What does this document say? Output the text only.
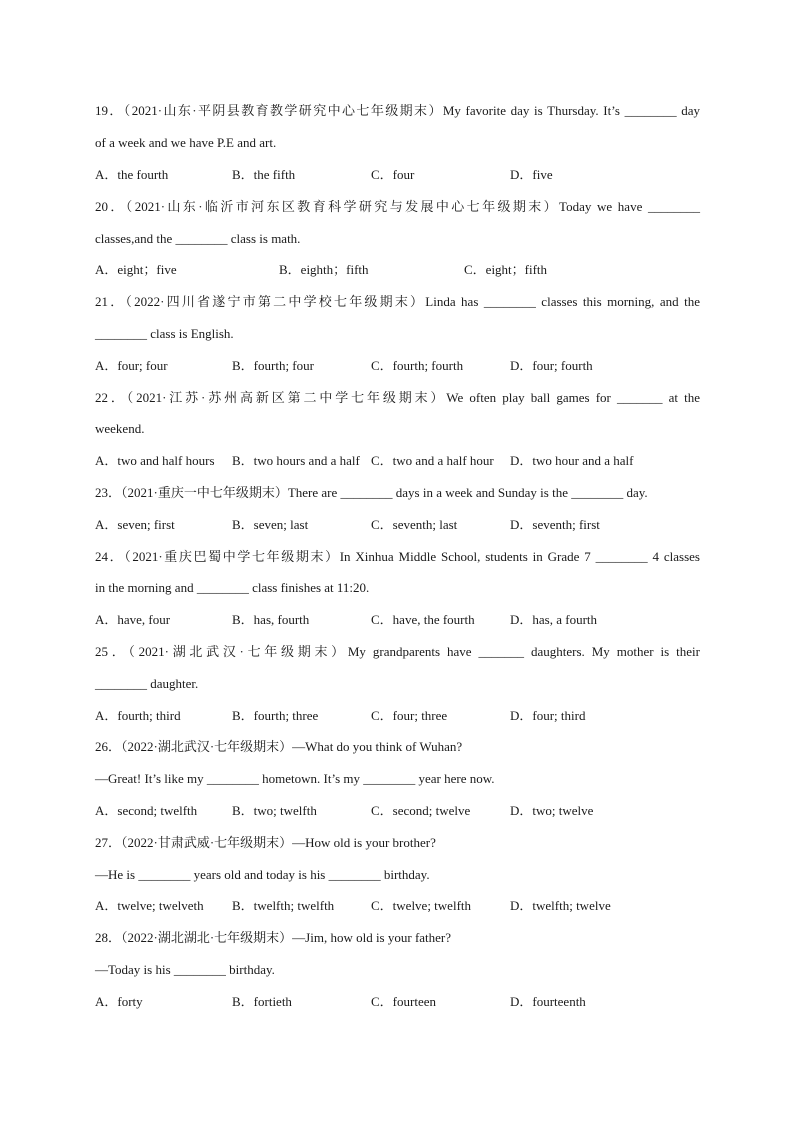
19．（2021·山东·平阴县教育教学研究中心七年级期末）My favorite day is Thursday. It’s ________ day
of a week and we have P.E and art.
A．the fourth	B．the fifth	C．four	D．five
20．（2021·山东·临沂市河东区教育科学研究与发展中心七年级期末）Today we have ________
classes,and the ________ class is math.
A．eight；five	B．eighth；fifth	C．eight；fifth
21．（2022·四川省遂宁市第二中学校七年级期末）Linda has ________ classes this morning, and the
________ class is English.
A．four; four	B．fourth; four	C．fourth; fourth	D．four; fourth
22．（2021·江苏·苏州高新区第二中学七年级期末）We often play ball games for _______ at the
weekend.
A．two and half hours B．two hours and a half C．two and a half hour D．two hour and a half
23．（2021·重庆一中七年级期末）There are ________ days in a week and Sunday is the ________ day.
A．seven; first	B．seven; last	C．seventh; last	D．seventh; first
24．（2021·重庆巴蜀中学七年级期末）In Xinhua Middle School, students in Grade 7 ________ 4 classes
in the morning and ________ class finishes at 11:20.
A．have, four	B．has, fourth	C．have, the fourth	D．has, a fourth
25．（2021·湖北武汉·七年级期末）My grandparents have _______ daughters. My mother is their
________ daughter.
A．fourth; third	B．fourth; three	C．four; three	D．four; third
26．（2022·湖北武汉·七年级期末）—What do you think of Wuhan?
—Great! It’s like my ________ hometown. It’s my ________ year here now.
A．second; twelfth	B．two; twelfth	C．second; twelve	D．two; twelve
27．（2022·甘肃武威·七年级期末）—How old is your brother?
—He is ________ years old and today is his ________ birthday.
A．twelve; twelveth B．twelfth; twelfth	C．twelve; twelfth	D．twelfth; twelve
28．（2022·湖北湖北·七年级期末）—Jim, how old is your father?
—Today is his ________ birthday.
A．forty	B．fortieth	C．fourteen	D．fourteenth
